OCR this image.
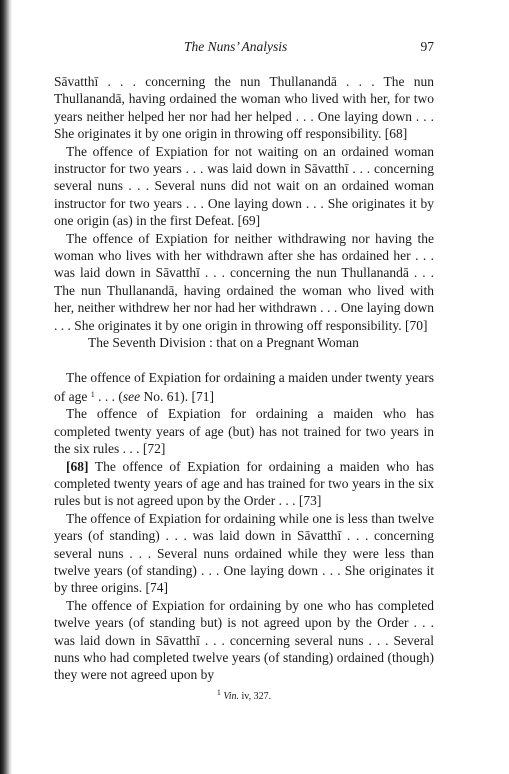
The Nuns’ Analysis	97

Sāvatthī . . . concerning the nun Thullanandā . . . The nun Thullanandā, having ordained the woman who lived with her, for two years neither helped her nor had her helped . . . One laying down . . . She originates it by one origin in throwing off responsibility. [68]

The offence of Expiation for not waiting on an ordained woman instructor for two years . . . was laid down in Sāvatthī . . . concerning several nuns . . . Several nuns did not wait on an ordained woman instructor for two years . . . One laying down . . . She originates it by one origin (as) in the first Defeat. [69]

The offence of Expiation for neither withdrawing nor having the woman who lives with her withdrawn after she has ordained her . . . was laid down in Sāvatthī . . . concerning the nun Thullanandā . . . The nun Thullanandā, having ordained the woman who lived with her, neither withdrew her nor had her withdrawn . . . One laying down . . . She originates it by one origin in throwing off responsibility. [70]

The Seventh Division : that on a Pregnant Woman

The offence of Expiation for ordaining a maiden under twenty years of age $^1$ . . . (see No. 61). [71]

The offence of Expiation for ordaining a maiden who has completed twenty years of age (but) has not trained for two years in the six rules . . . [72]

[68] The offence of Expiation for ordaining a maiden who has completed twenty years of age and has trained for two years in the six rules but is not agreed upon by the Order . . . [73]

The offence of Expiation for ordaining while one is less than twelve years (of standing) . . . was laid down in Sāvatthī . . . concerning several nuns . . . Several nuns ordained while they were less than twelve years (of standing) . . . One laying down . . . She originates it by three origins. [74]

The offence of Expiation for ordaining by one who has completed twelve years (of standing but) is not agreed upon by the Order . . . was laid down in Sāvatthī . . . concerning several nuns . . . Several nuns who had completed twelve years (of standing) ordained (though) they were not agreed upon by

$^1$ Vin. iv, 327.
